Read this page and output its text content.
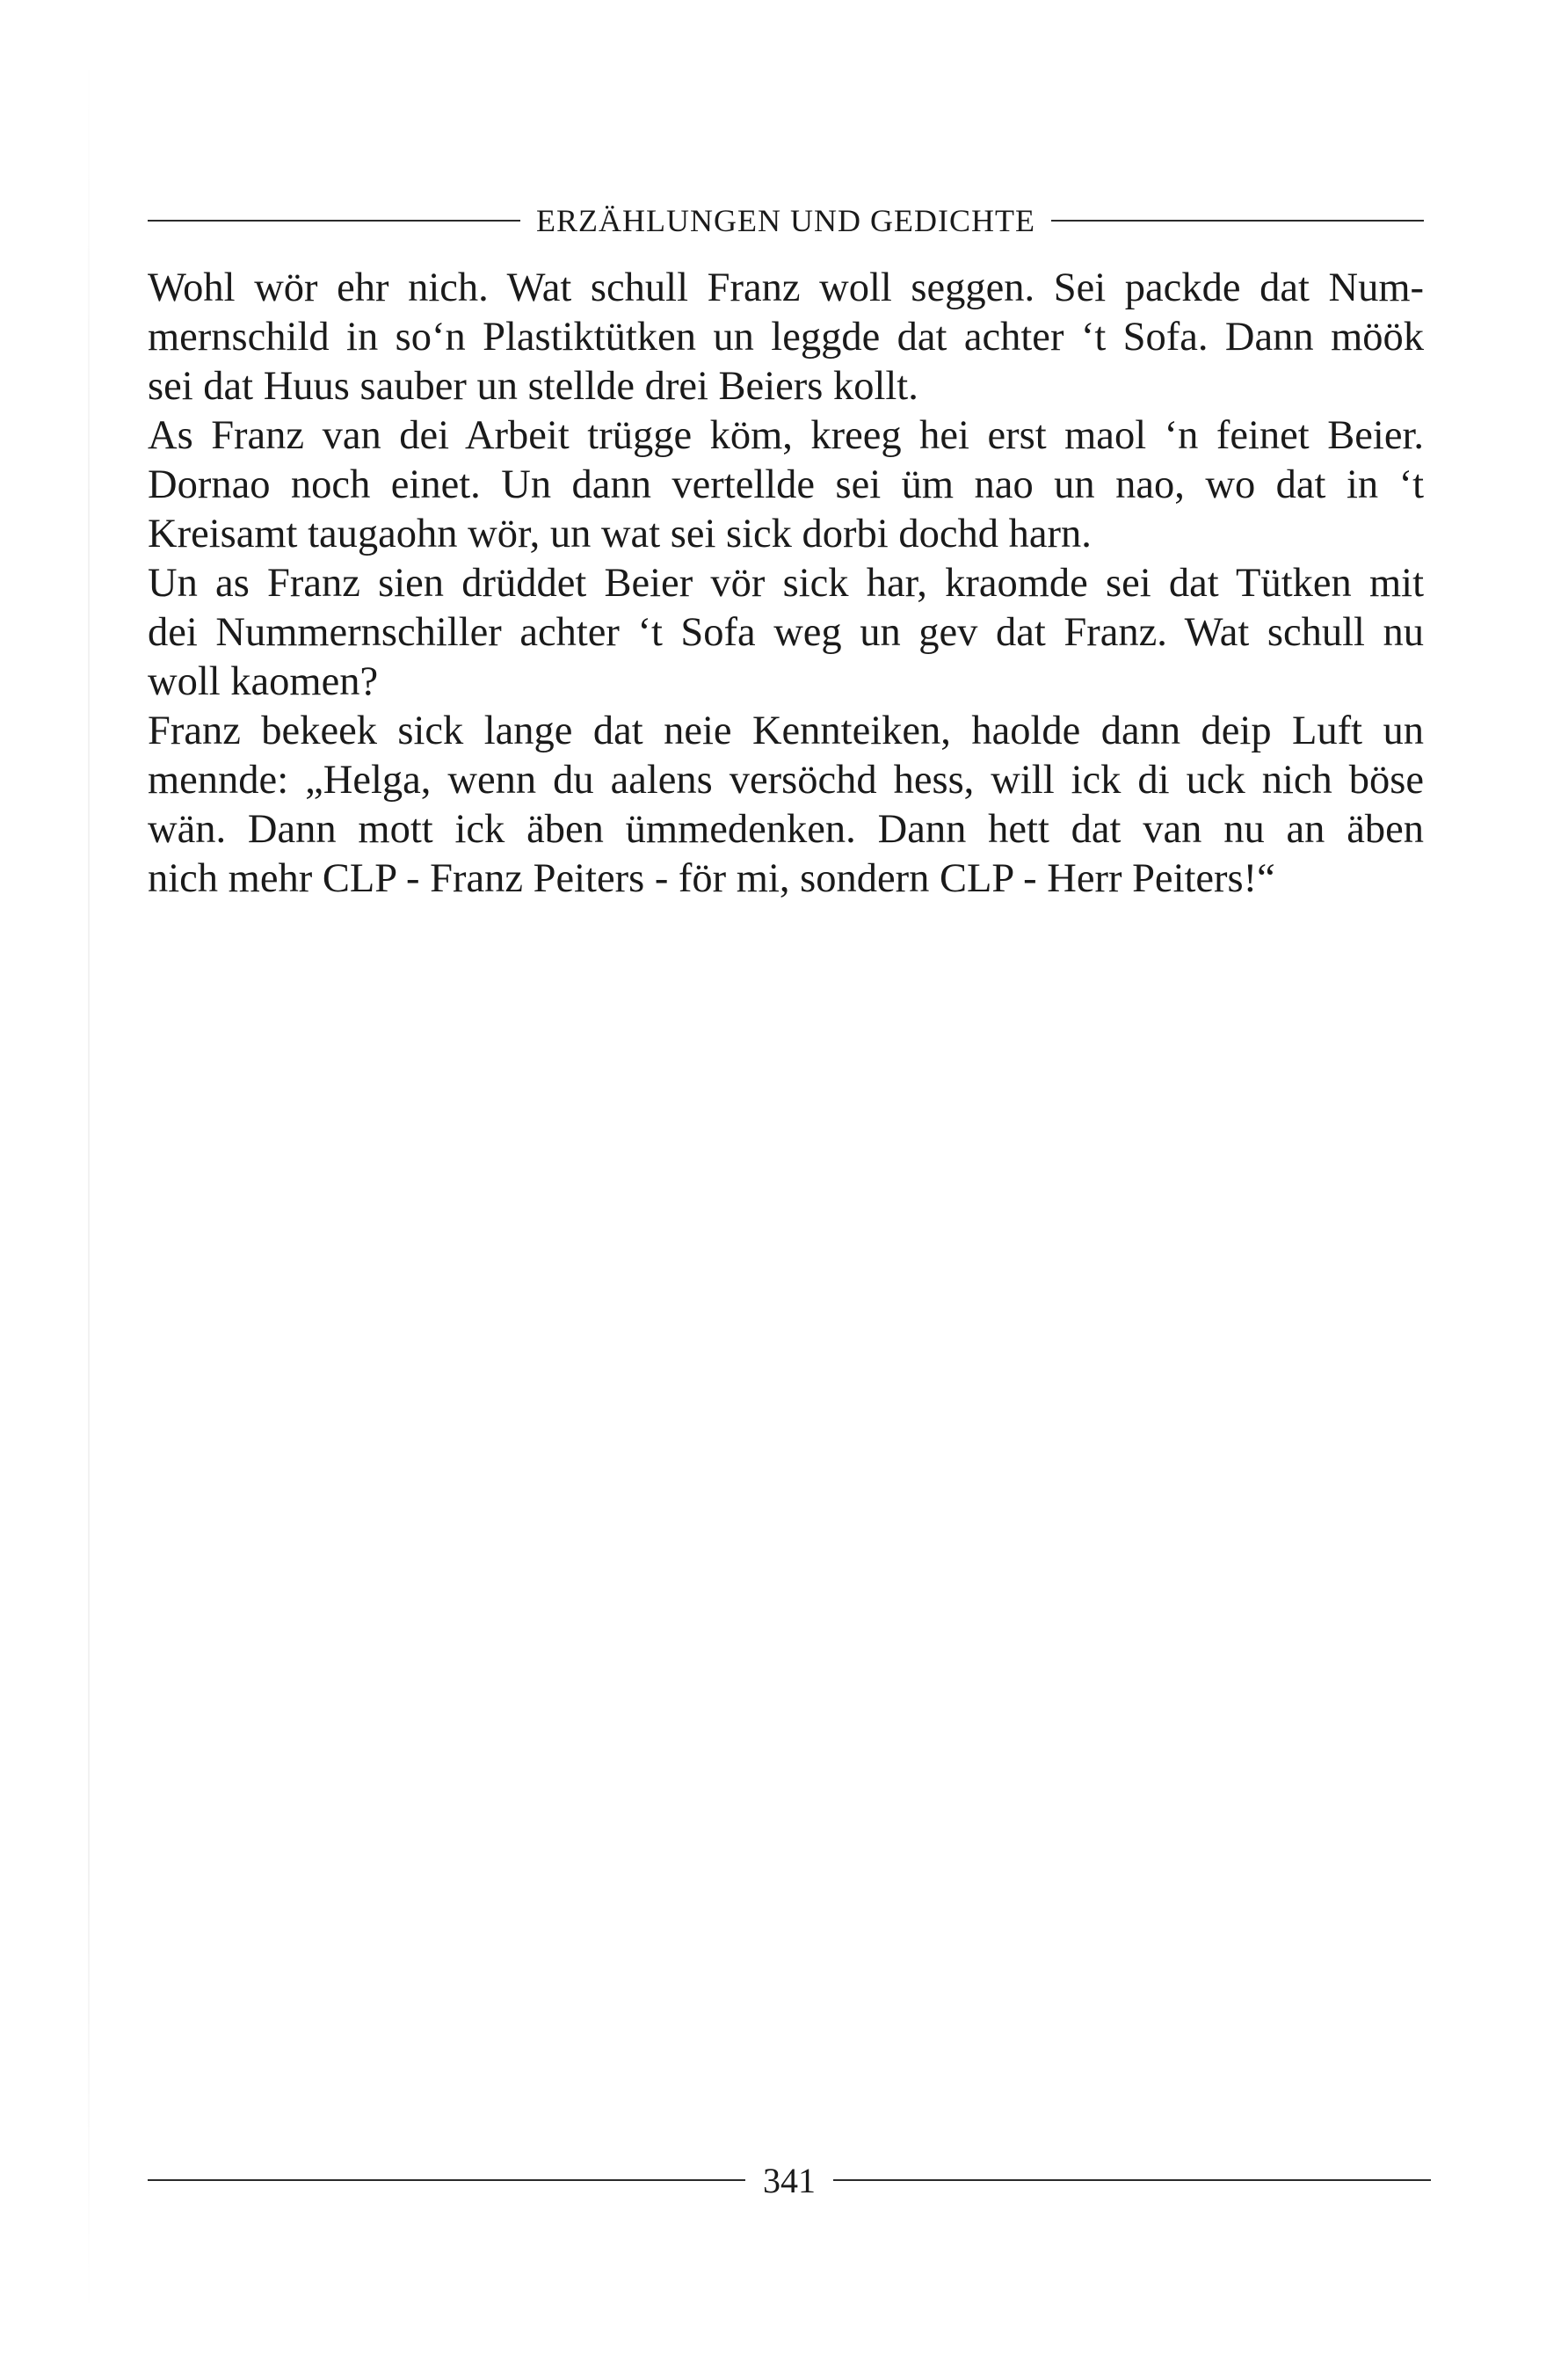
ERZÄHLUNGEN UND GEDICHTE
Wohl wör ehr nich. Wat schull Franz woll seggen. Sei packde dat Num-
mernschild in so‘n Plastiktütken un leggde dat achter ‘t Sofa. Dann möök
sei dat Huus sauber un stellde drei Beiers kollt.
As Franz van dei Arbeit trügge köm, kreeg hei erst maol ‘n feinet Beier.
Dornao noch einet. Un dann vertellde sei üm nao un nao, wo dat in ‘t
Kreisamt taugaohn wör, un wat sei sick dorbi dochd harn.
Un as Franz sien drüddet Beier vör sick har, kraomde sei dat Tütken mit
dei Nummernschiller achter ‘t Sofa weg un gev dat Franz. Wat schull nu
woll kaomen?
Franz bekeek sick lange dat neie Kennteiken, haolde dann deip Luft un
mennde: „Helga, wenn du aalens versöchd hess, will ick di uck nich böse
wän. Dann mott ick äben ümmedenken. Dann hett dat van nu an äben
nich mehr CLP - Franz Peiters - för mi, sondern CLP - Herr Peiters!“
341
